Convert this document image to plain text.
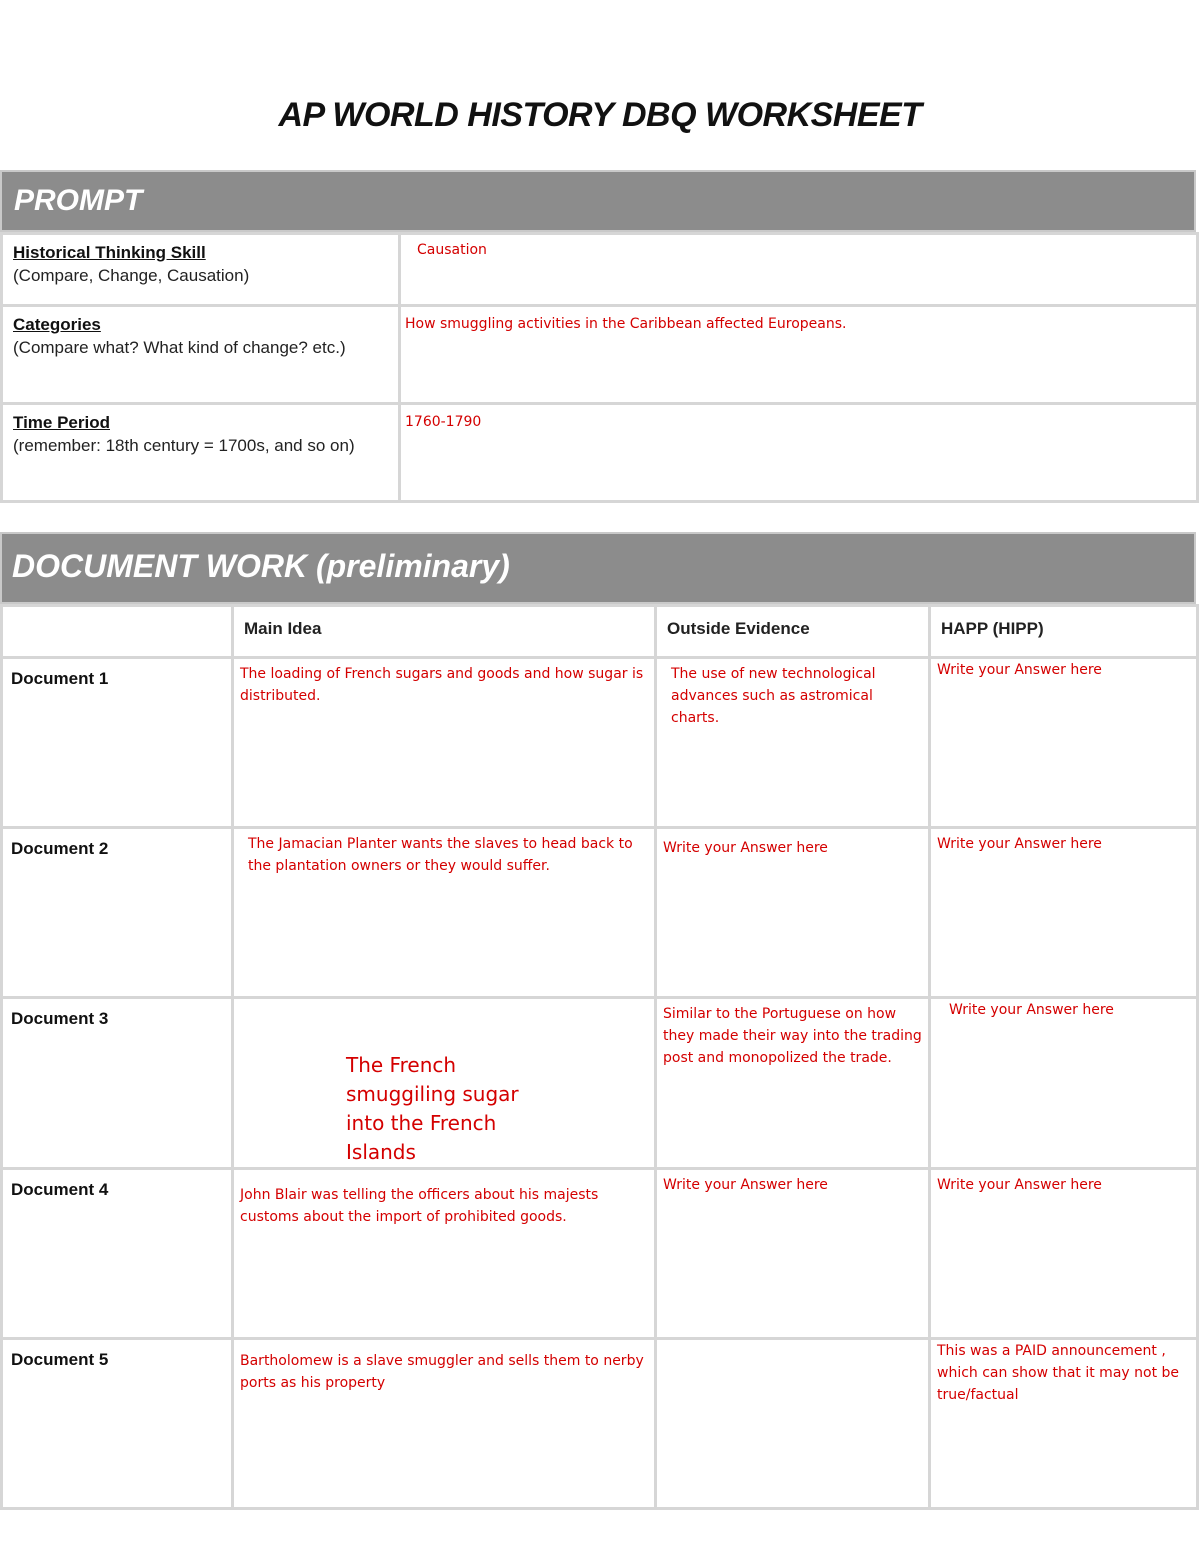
AP WORLD HISTORY DBQ WORKSHEET
PROMPT
Historical Thinking Skill
(Compare, Change, Causation)	Causation

Categories
(Compare what? What kind of change? etc.)	How smuggling activities in the Caribbean affected Europeans.

Time Period
(remember: 18th century = 1700s, and so on)	1760-1790
DOCUMENT WORK (preliminary)
	Main Idea	Outside Evidence	HAPP (HIPP)
Document 1	The loading of French sugars and goods and how sugar is distributed.	The use of new technological advances such as astromical charts.	Write your Answer here

Document 2	The Jamacian Planter wants the slaves to head back to the plantation owners or they would suffer.	Write your Answer here	Write your Answer here

Document 3	The French smuggiling sugar into the French Islands	Similar to the Portuguese on how they made their way into the trading post and monopolized the trade.	Write your Answer here

Document 4	John Blair was telling the officers about his majests customs about the import of prohibited goods.	Write your Answer here	Write your Answer here

Document 5	Bartholomew is a slave smuggler and sells them to nerby ports as his property		This was a PAID announcement , which can show that it may not be true/factual
